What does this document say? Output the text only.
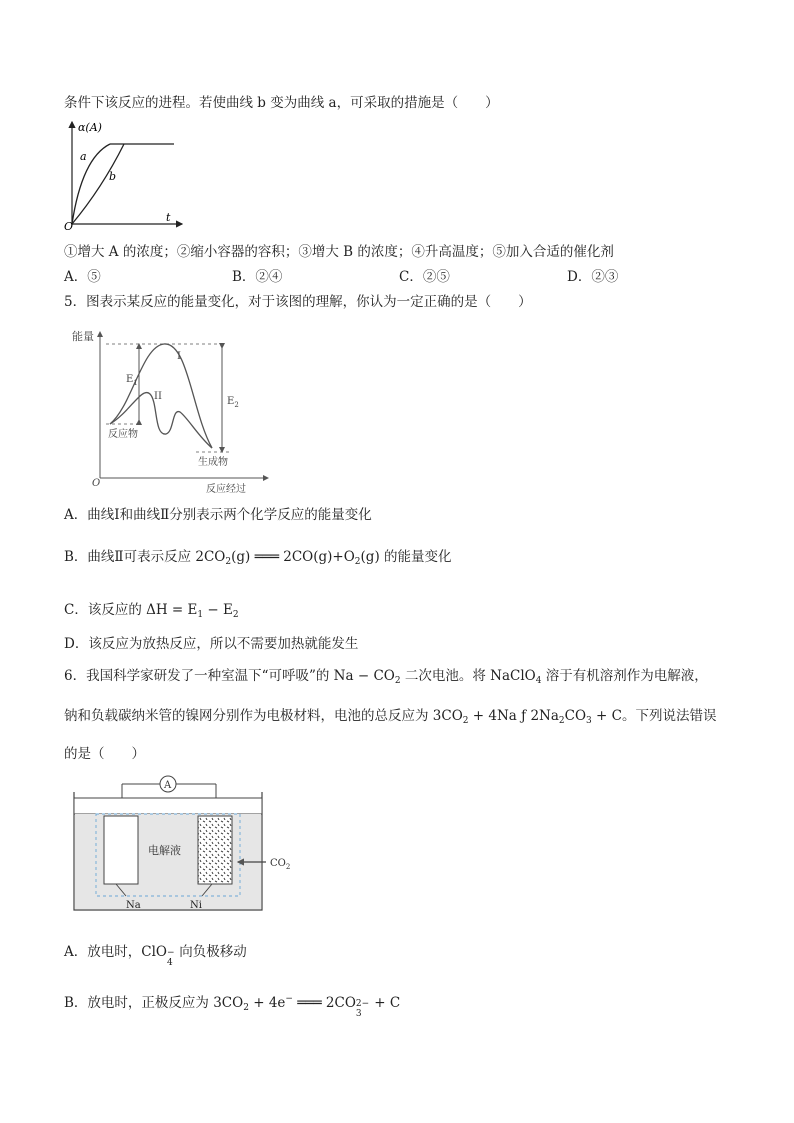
条件下该反应的进程。若使曲线 b 变为曲线 a，可采取的措施是（　　）
α(A)
a
b
O
t
①增大 A 的浓度；②缩小容器的容积；③增大 B 的浓度；④升高温度；⑤加入合适的催化剂
A．⑤	B．②④	C．②⑤	D．②③
5．图表示某反应的能量变化，对于该图的理解，你认为一定正确的是（　　）
能量
I
II
$E_1$
$E_2$
反应物
生成物
O
反应经过
A．曲线Ⅰ和曲线Ⅱ分别表示两个化学反应的能量变化
B．曲线Ⅱ可表示反应 $2CO_2(g)$ ═══ $2CO(g)+O_2(g)$ 的能量变化
C．该反应的 $\Delta H = E_1 - E_2$
D．该反应为放热反应，所以不需要加热就能发生
6．我国科学家研发了一种室温下“可呼吸”的 $Na - CO_2$ 二次电池。将 NaClO$_4$ 溶于有机溶剂作为电解液，
钠和负载碳纳米管的镍网分别作为电极材料，电池的总反应为 $3CO_2 + 4Na$ ƒ $2Na_2CO_3 + C$。下列说法错误
的是（　　）
A
电解液
$CO_2$
Na	Ni
A．放电时，ClO −
4
向负极移动
B．放电时，正极反应为 $3CO_2 + 4e^-$ ═══ 2CO 2−
3
+ C
